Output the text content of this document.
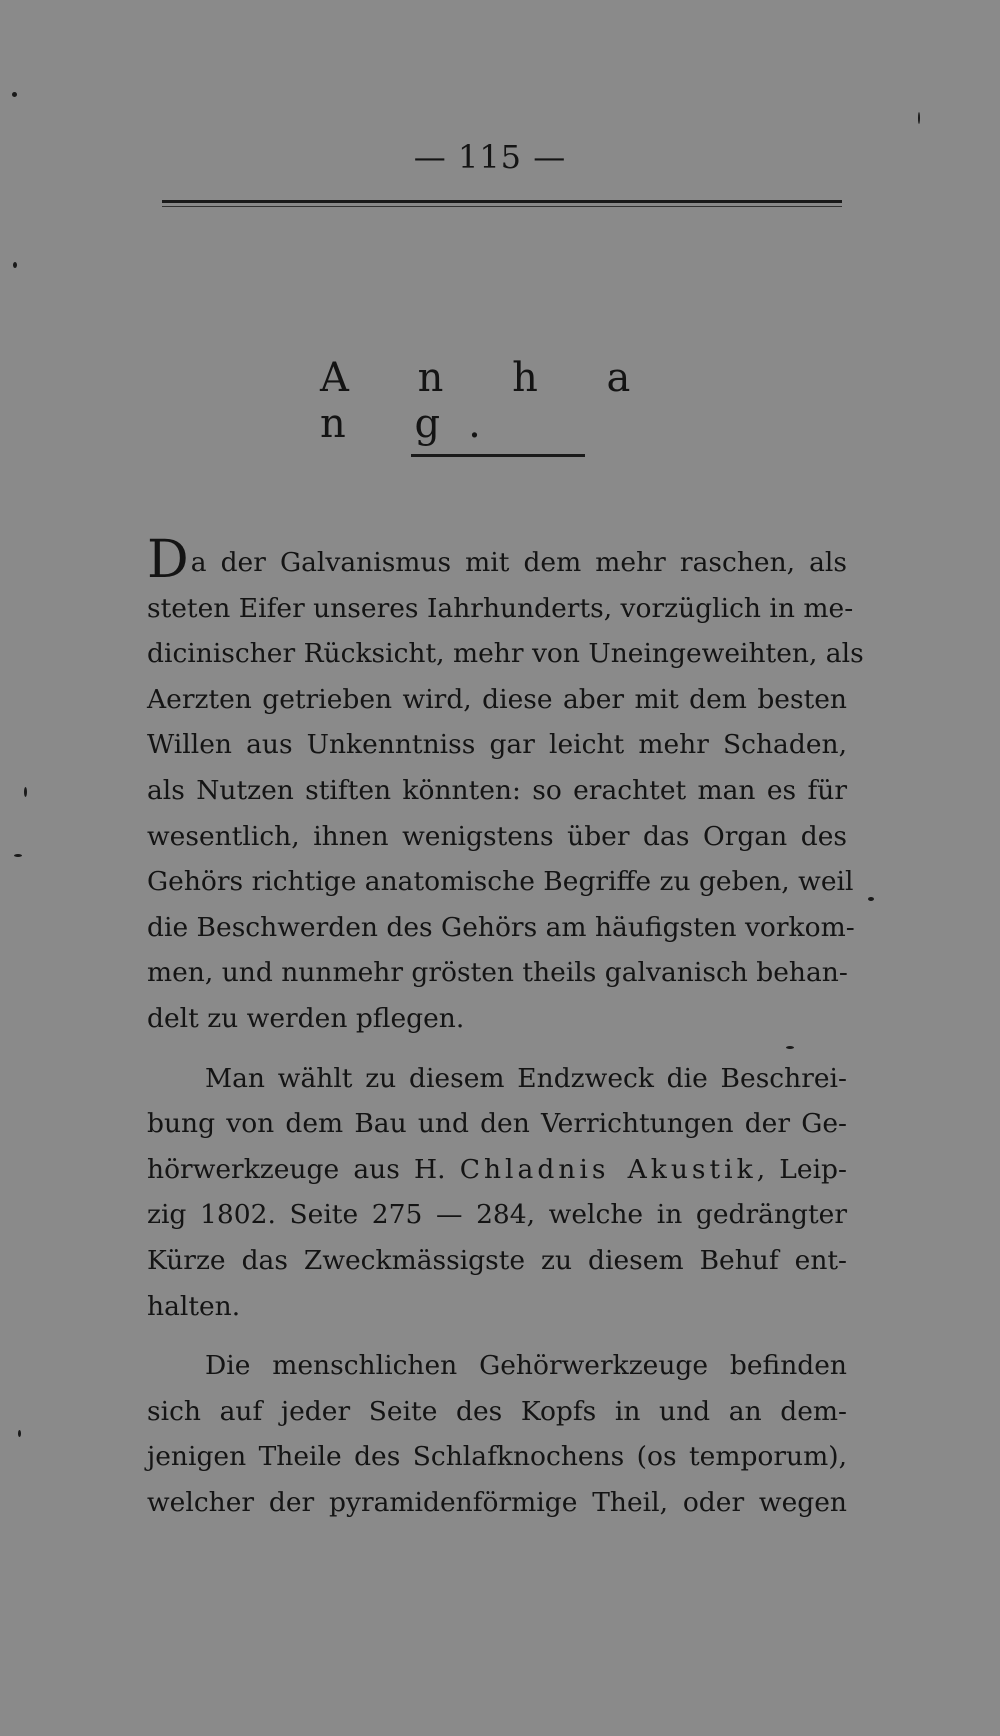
— 115 —
A n h a n g.

Da der Galvanismus mit dem mehr raschen, als
steten Eifer unseres Iahrhunderts, vorzüglich in me-
dicinischer Rücksicht, mehr von Uneingeweihten, als
Aerzten getrieben wird, diese aber mit dem besten
Willen aus Unkenntniss gar leicht mehr Schaden,
als Nutzen stiften könnten: so erachtet man es für
wesentlich, ihnen wenigstens über das Organ des
Gehörs richtige anatomische Begriffe zu geben, weil
die Beschwerden des Gehörs am häufigsten vorkom-
men, und nunmehr grösten theils galvanisch behan-
delt zu werden pflegen.

Man wählt zu diesem Endzweck die Beschrei-
bung von dem Bau und den Verrichtungen der Ge-
hörwerkzeuge aus H. Chladnis Akustik, Leip-
zig 1802. Seite 275 — 284, welche in gedrängter
Kürze das Zweckmässigste zu diesem Behuf ent-
halten.

Die menschlichen Gehörwerkzeuge befinden
sich auf jeder Seite des Kopfs in und an dem-
jenigen Theile des Schlafknochens (os temporum),
welcher der pyramidenförmige Theil, oder wegen
